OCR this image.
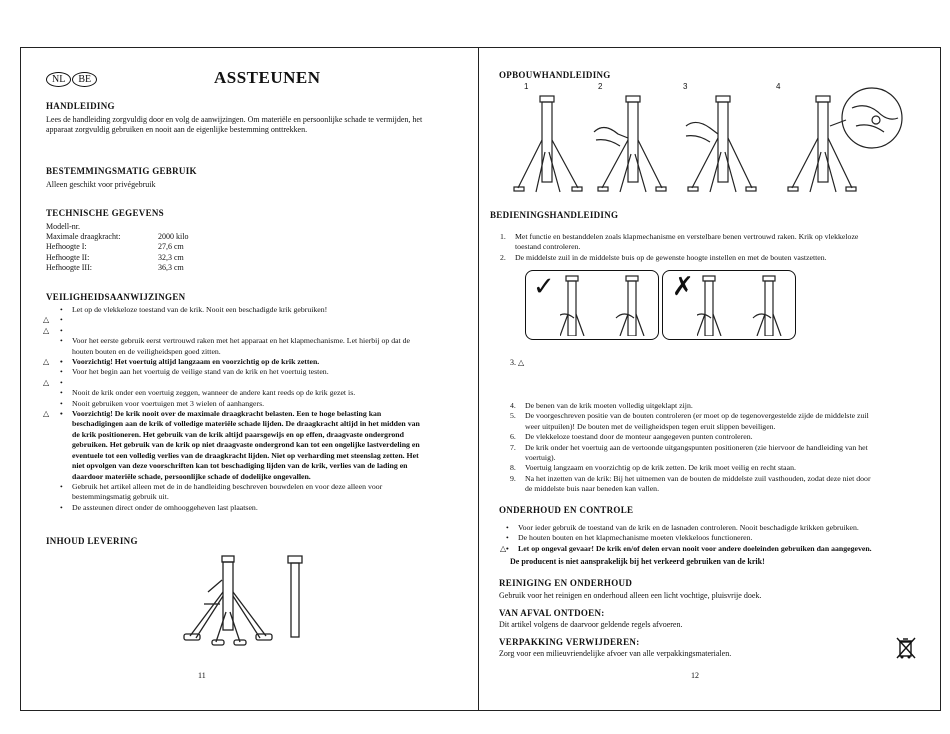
NL	BE	ASSTEUNEN
HANDLEIDING
Lees de handleiding zorgvuldig door en volg de aanwijzingen. Om materiële en persoonlijke schade te vermijden, het
apparaat zorgvuldig gebruiken en nooit aan de eigenlijke bestemming onttrekken.
BESTEMMINGSMATIG GEBRUIK
Alleen geschikt voor privégebruik
TECHNISCHE GEGEVENS
Modell-nr.
Maximale draagkracht:	2000 kilo
Hefhoogte I:	27,6 cm
Hefhoogte II:	32,3 cm
Hefhoogte III:	36,3 cm
VEILIGHEIDSAANWIJZINGEN
• Let op de vlekkeloze toestand van de krik. Nooit een beschadigde krik gebruiken!
△ •

△ •

• Voor het eerste gebruik eerst vertrouwd raken met het apparaat en het klapmechanisme. Let hierbij op dat de
houten bouten en de veiligheidspen goed zitten.
△ • Voorzichtig! Het voertuig altijd langzaam en voorzichtig op de krik zetten.
• Voor het begin aan het voertuig de veilige stand van de krik en het voertuig testen.
△ •

• Nooit de krik onder een voertuig zeggen, wanneer de andere kant reeds op de krik gezet is.
• Nooit gebruiken voor voertuigen met 3 wielen of aanhangers.
△ • Voorzichtig! De krik nooit over de maximale draagkracht belasten. Een te hoge belasting kan
beschadigingen aan de krik of volledige materiële schade lijden. De draagkracht altijd in het midden van
de krik positioneren. Het gebruik van de krik altijd paarsgewijs en op effen, draagvaste ondergrond
gebruiken. Het gebruik van de krik op niet draagvaste ondergrond kan tot een ongelijke lastverdeling en
eventuele tot een volledig verlies van de draagkracht lijden. Niet op verharding met steenslag zetten. Het
niet opvolgen van deze voorschriften kan tot beschadiging lijden van de krik, verlies van de lading en
daardoor materiële schade, persoonlijke schade of dodelijke ongevallen.
• Gebruik het artikel alleen met de in de handleiding beschreven bouwdelen en voor deze alleen voor
bestemmingsmatig gebruik uit.
• De assteunen direct onder de omhooggeheven last plaatsen.
INHOUD LEVERING
11
OPBOUWHANDLEIDING
1	2	3	4
BEDIENINGSHANDLEIDING
1. Met functie en bestanddelen zoals klapmechanisme en verstelbare benen vertrouwd raken. Krik op vlekkeloze
toestand controleren.
2. De middelste zuil in de middelste buis op de gewenste hoogte instellen en met de bouten vastzetten.
✓	✗
3. △
4. De benen van de krik moeten volledig uitgeklapt zijn.
5. De voorgeschreven positie van de bouten controleren (er moet op de tegenovergestelde zijde de middelste zuil
weer uitpuilen)! De bouten met de veiligheidspen tegen eruit slippen beveiligen.
6. De vlekkeloze toestand door de monteur aangegeven punten controleren.
7. De krik onder het voertuig aan de vertoonde uitgangspunten positioneren (zie hiervoor de handleiding van het
voertuig).
8. Voertuig langzaam en voorzichtig op de krik zetten. De krik moet veilig en recht staan.
9. Na het inzetten van de krik: Bij het uitnemen van de bouten de middelste zuil vasthouden, zodat deze niet door
de middelste buis naar beneden kan vallen.
ONDERHOUD EN CONTROLE
• Voor ieder gebruik de toestand van de krik en de lasnaden controleren. Nooit beschadigde krikken gebruiken.
• De houten bouten en het klapmechanisme moeten vlekkeloos functioneren.
△ • Let op ongeval gevaar! De krik en/of delen ervan nooit voor andere doeleinden gebruiken dan aangegeven.
De producent is niet aansprakelijk bij het verkeerd gebruiken van de krik!
REINIGING EN ONDERHOUD
Gebruik voor het reinigen en onderhoud alleen een licht vochtige, pluisvrije doek.
VAN AFVAL ONTDOEN:
Dit artikel volgens de daarvoor geldende regels afvoeren.
VERPAKKING VERWIJDEREN:
Zorg voor een milieuvriendelijke afvoer van alle verpakkingsmaterialen.
12
